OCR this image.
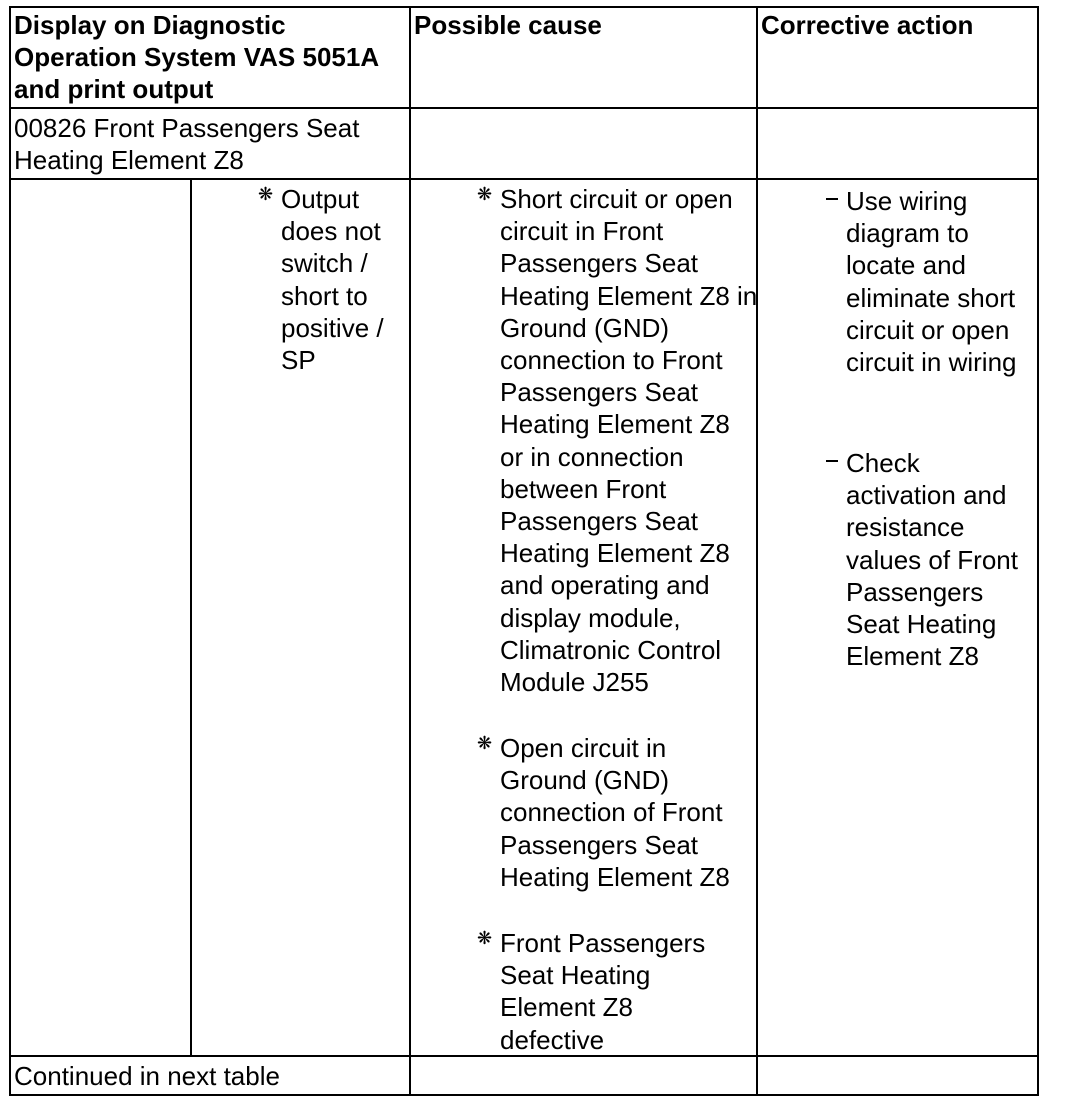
Display on Diagnostic Operation System VAS 5051A and print output
Possible cause	Corrective action
00826 Front Passengers Seat Heating Element Z8
❋ Output does not switch / short to positive / SP
❋ Short circuit or open circuit in Front Passengers Seat Heating Element Z8 in Ground (GND) connection to Front Passengers Seat Heating Element Z8 or in connection between Front Passengers Seat Heating Element Z8 and operating and display module, Climatronic Control Module J255
❋ Open circuit in Ground (GND) connection of Front Passengers Seat Heating Element Z8
❋ Front Passengers Seat Heating Element Z8 defective
Use wiring diagram to locate and eliminate short circuit or open circuit in wiring
Check activation and resistance values of Front Passengers Seat Heating Element Z8
Continued in next table
